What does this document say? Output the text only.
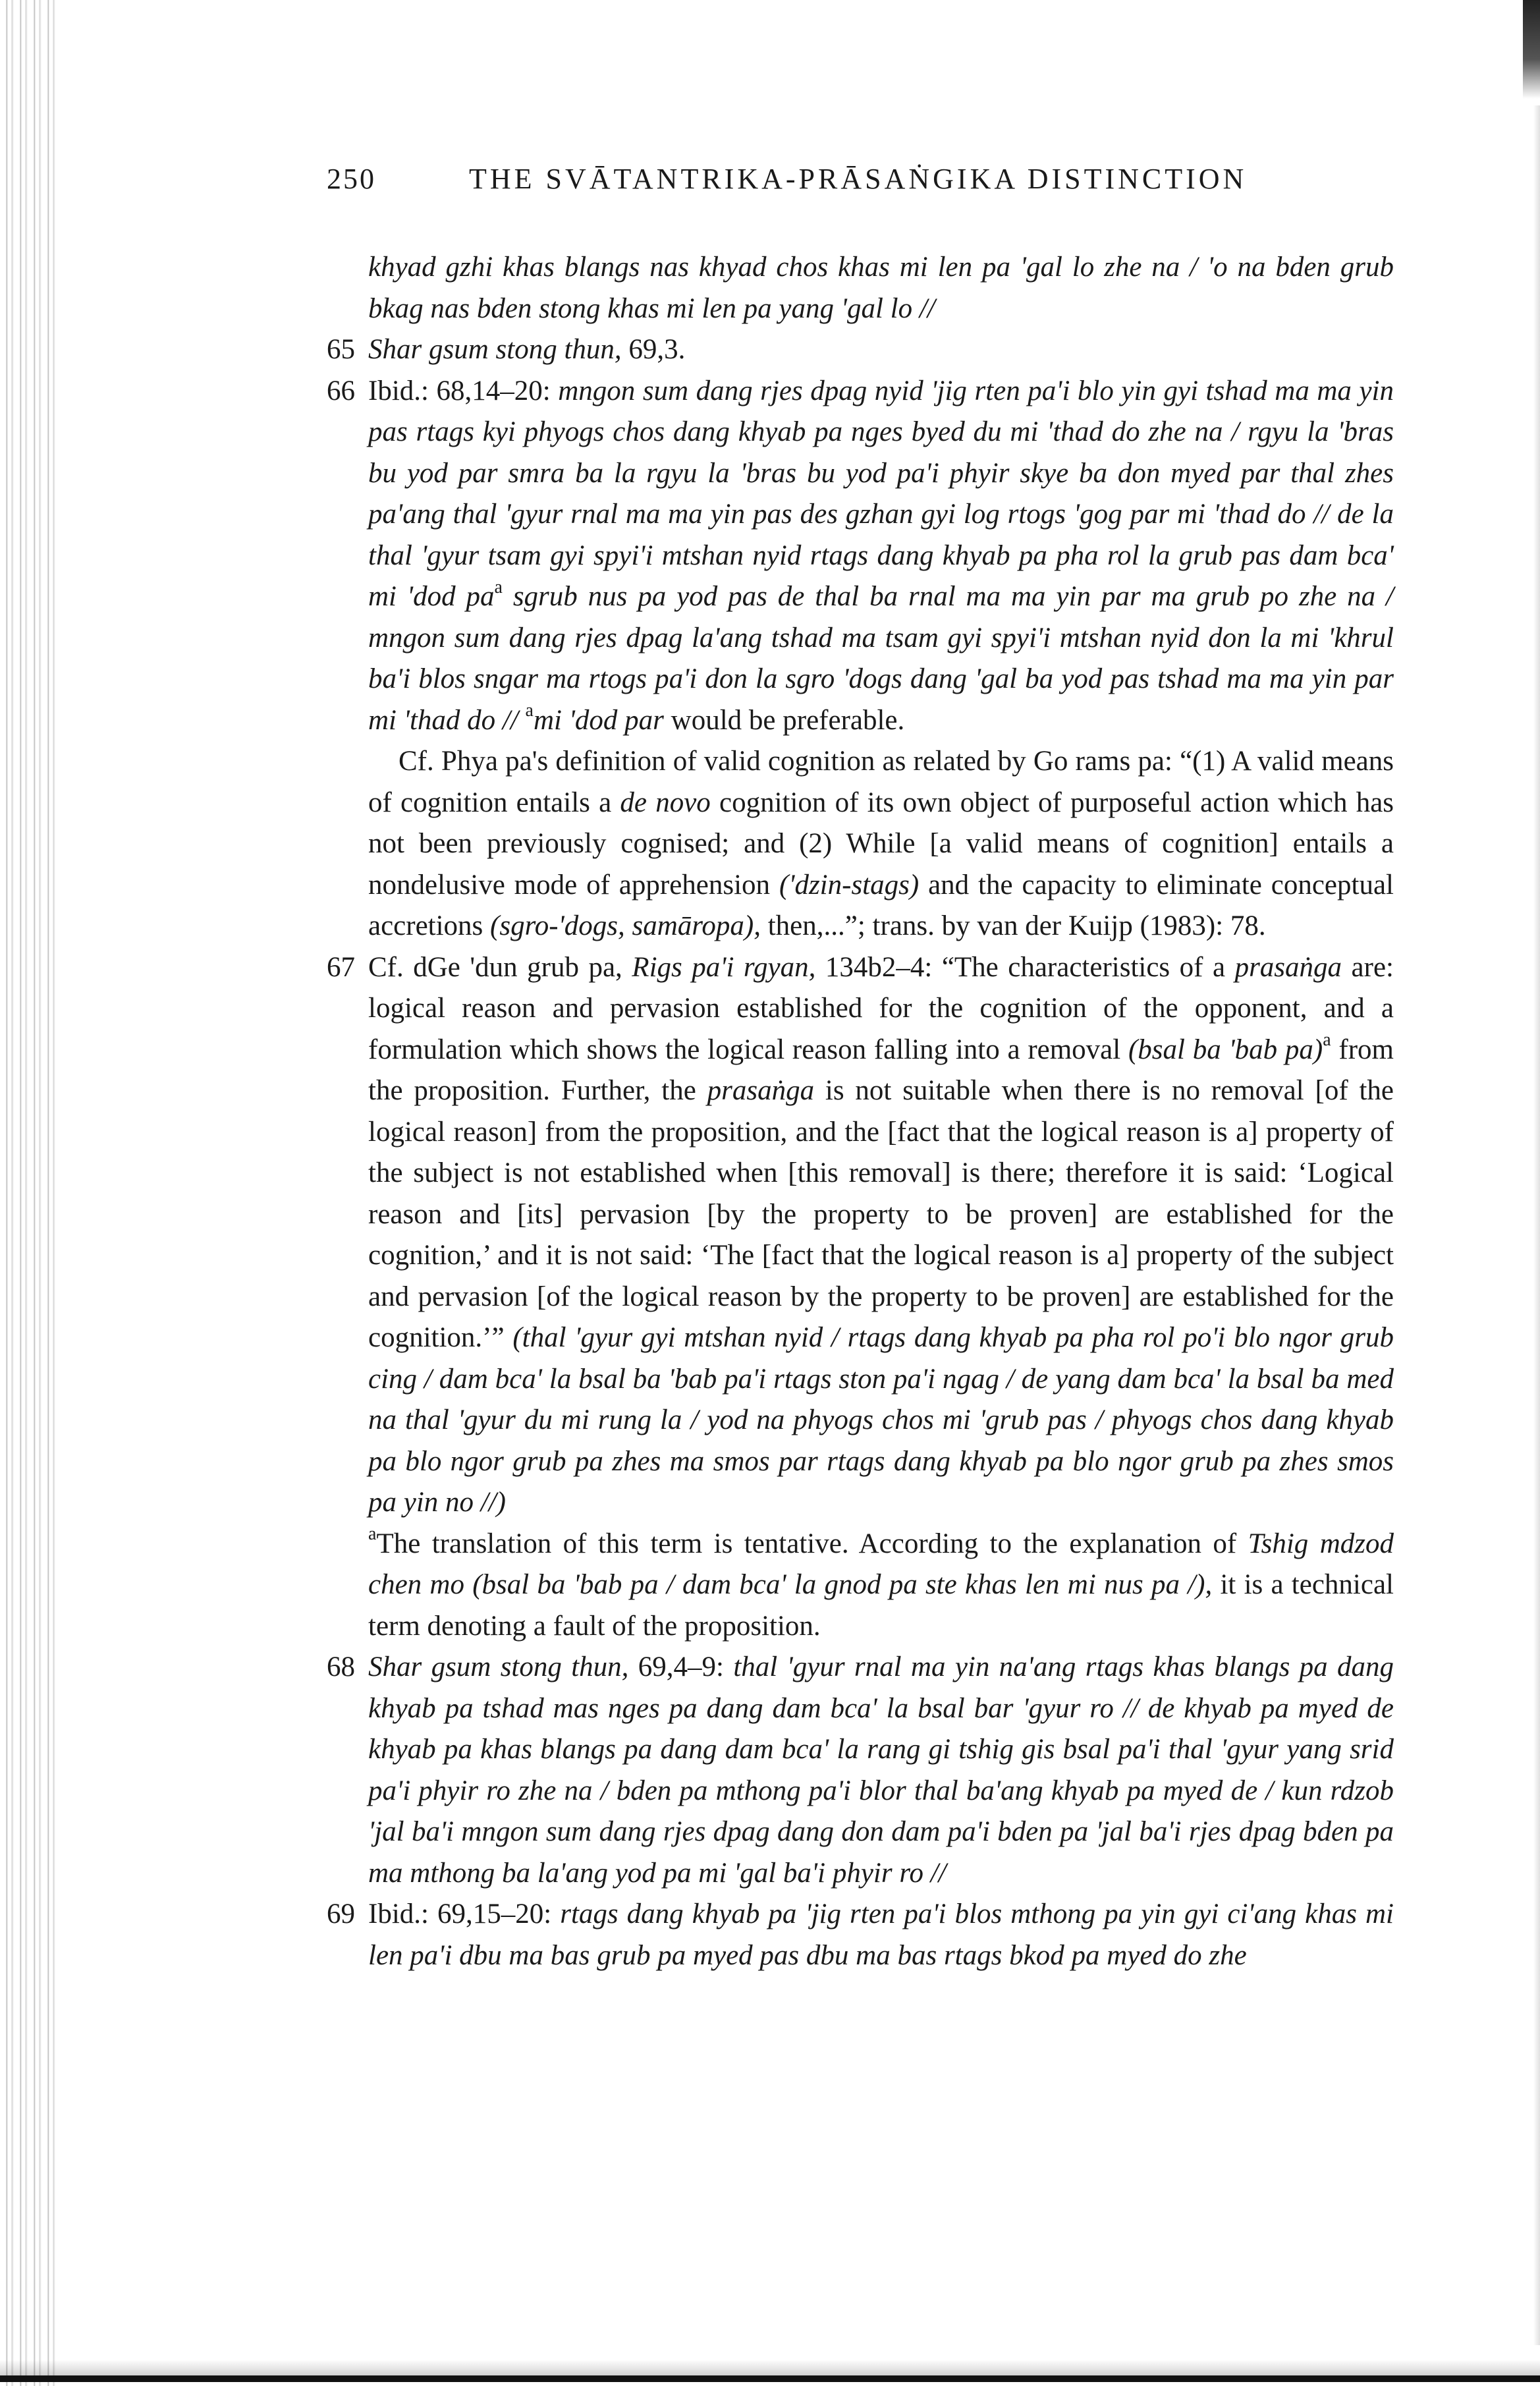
250	THE SVĀTANTRIKA-PRĀSAṄGIKA DISTINCTION

khyad gzhi khas blangs nas khyad chos khas mi len pa 'gal lo zhe na / 'o na bden grub bkag nas bden stong khas mi len pa yang 'gal lo //

65 Shar gsum stong thun, 69,3.

66 Ibid.: 68,14–20: mngon sum dang rjes dpag nyid 'jig rten pa'i blo yin gyi tshad ma ma yin pas rtags kyi phyogs chos dang khyab pa nges byed du mi 'thad do zhe na / rgyu la 'bras bu yod par smra ba la rgyu la 'bras bu yod pa'i phyir skye ba don myed par thal zhes pa'ang thal 'gyur rnal ma ma yin pas des gzhan gyi log rtogs 'gog par mi 'thad do // de la thal 'gyur tsam gyi spyi'i mtshan nyid rtags dang khyab pa pha rol la grub pas dam bca' mi 'dod $pa^a$ sgrub nus pa yod pas de thal ba rnal ma ma yin par ma grub po zhe na / mngon sum dang rjes dpag la'ang tshad ma tsam gyi spyi'i mtshan nyid don la mi 'khrul ba'i blos sngar ma rtogs pa'i don la sgro 'dogs dang 'gal ba yod pas tshad ma ma yin par mi 'thad do // $^a$mi 'dod par would be preferable.

Cf. Phya pa's definition of valid cognition as related by Go rams pa: “(1) A valid means of cognition entails a de novo cognition of its own object of purposeful action which has not been previously cognised; and (2) While [a valid means of cognition] entails a nondelusive mode of apprehension ('dzin-stags) and the capacity to eliminate conceptual accretions (sgro-'dogs, samāropa), then,...”; trans. by van der Kuijp (1983): 78.

67 Cf. dGe 'dun grub pa, Rigs pa'i rgyan, 134b2–4: “The characteristics of a prasaṅga are: logical reason and pervasion established for the cognition of the opponent, and a formulation which shows the logical reason falling into a removal (bsal ba 'bab pa)$^a$ from the proposition. Further, the prasaṅga is not suitable when there is no removal [of the logical reason] from the proposition, and the [fact that the logical reason is a] property of the subject is not established when [this removal] is there; therefore it is said: ‘Logical reason and [its] pervasion [by the property to be proven] are established for the cognition,’ and it is not said: ‘The [fact that the logical reason is a] property of the subject and pervasion [of the logical reason by the property to be proven] are established for the cognition.’” (thal 'gyur gyi mtshan nyid / rtags dang khyab pa pha rol po'i blo ngor grub cing / dam bca' la bsal ba 'bab pa'i rtags ston pa'i ngag / de yang dam bca' la bsal ba med na thal 'gyur du mi rung la / yod na phyogs chos mi 'grub pas / phyogs chos dang khyab pa blo ngor grub pa zhes ma smos par rtags dang khyab pa blo ngor grub pa zhes smos pa yin no //)

$^a$The translation of this term is tentative. According to the explanation of Tshig mdzod chen mo (bsal ba 'bab pa / dam bca' la gnod pa ste khas len mi nus pa /), it is a technical term denoting a fault of the proposition.

68 Shar gsum stong thun, 69,4–9: thal 'gyur rnal ma yin na'ang rtags khas blangs pa dang khyab pa tshad mas nges pa dang dam bca' la bsal bar 'gyur ro // de khyab pa myed de khyab pa khas blangs pa dang dam bca' la rang gi tshig gis bsal pa'i thal 'gyur yang srid pa'i phyir ro zhe na / bden pa mthong pa'i blor thal ba'ang khyab pa myed de / kun rdzob 'jal ba'i mngon sum dang rjes dpag dang don dam pa'i bden pa 'jal ba'i rjes dpag bden pa ma mthong ba la'ang yod pa mi 'gal ba'i phyir ro //

69 Ibid.: 69,15–20: rtags dang khyab pa 'jig rten pa'i blos mthong pa yin gyi ci'ang khas mi len pa'i dbu ma bas grub pa myed pas dbu ma bas rtags bkod pa myed do zhe
